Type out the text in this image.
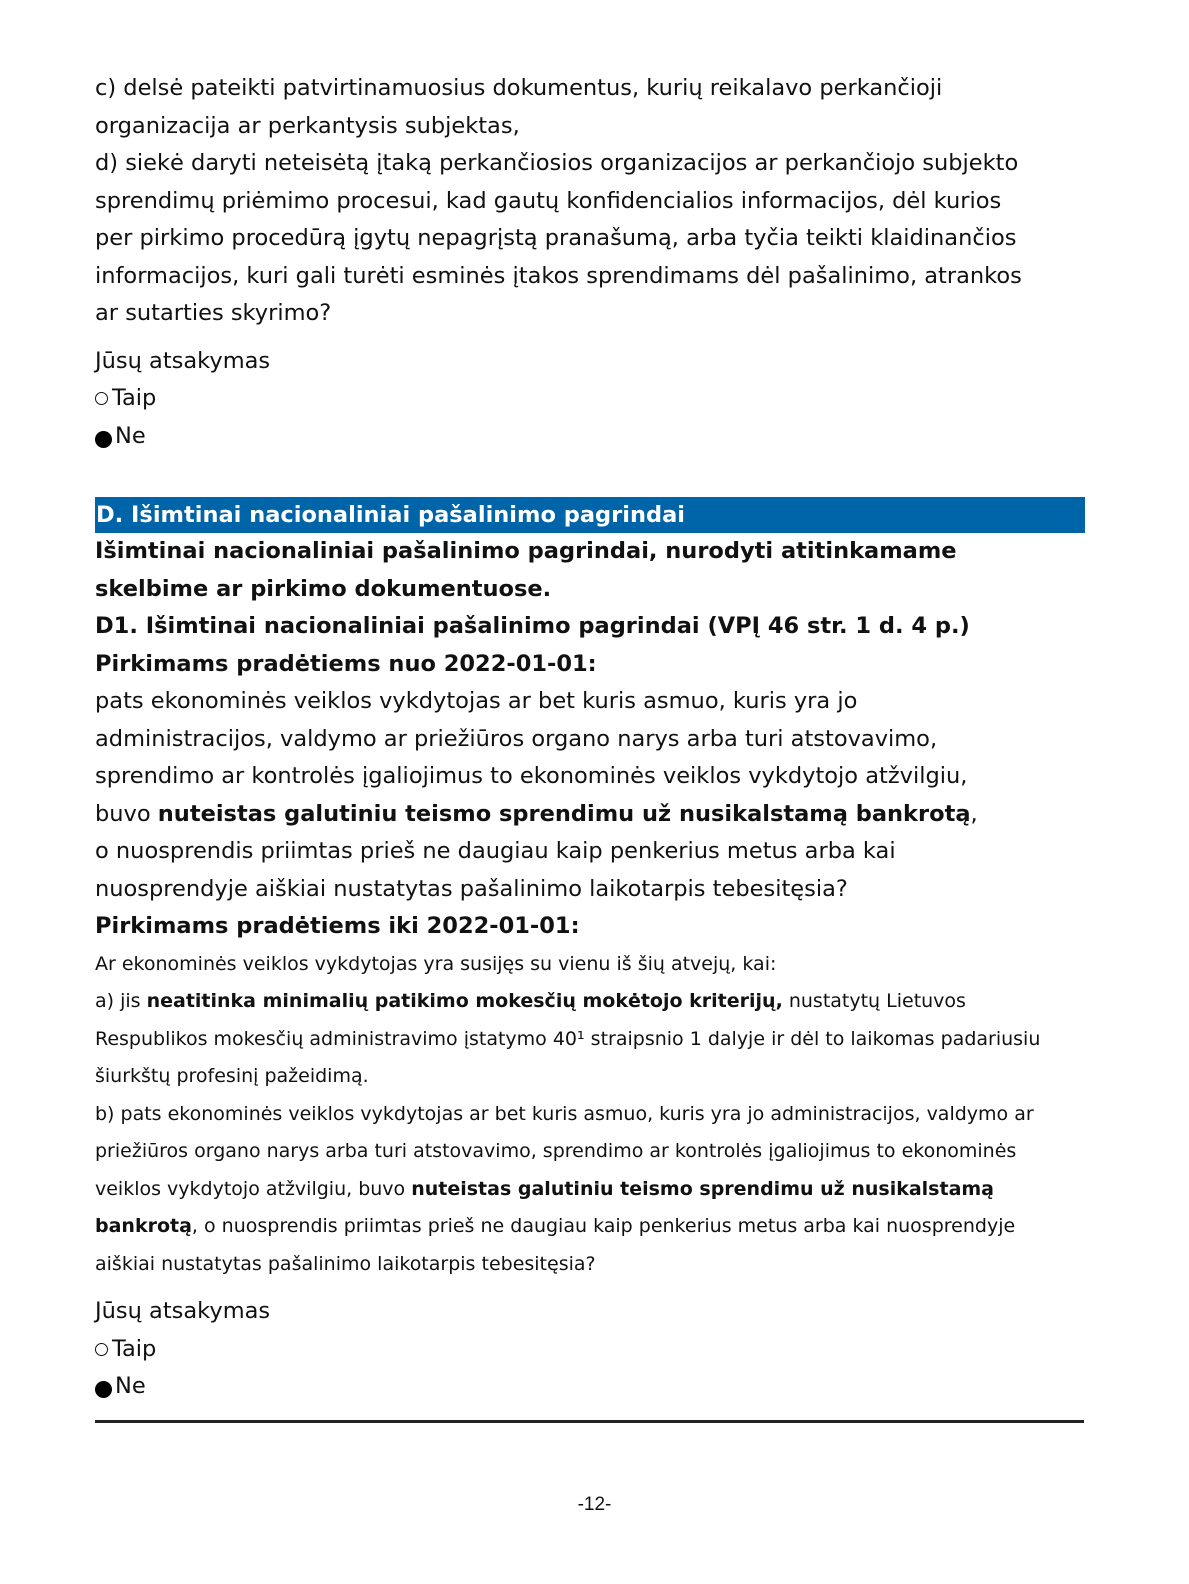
c) delsė pateikti patvirtinamuosius dokumentus, kurių reikalavo perkančioji

organizacija ar perkantysis subjektas,

d) siekė daryti neteisėtą įtaką perkančiosios organizacijos ar perkančiojo subjekto

sprendimų priėmimo procesui, kad gautų konfidencialios informacijos, dėl kurios

per pirkimo procedūrą įgytų nepagrįstą pranašumą, arba tyčia teikti klaidinančios

informacijos, kuri gali turėti esminės įtakos sprendimams dėl pašalinimo, atrankos

ar sutarties skyrimo?

Jūsų atsakymas

Taip
Ne
D. Išimtinai nacionaliniai pašalinimo pagrindai

Išimtinai nacionaliniai pašalinimo pagrindai, nurodyti atitinkamame

skelbime ar pirkimo dokumentuose.

D1. Išimtinai nacionaliniai pašalinimo pagrindai (VPĮ 46 str. 1 d. 4 p.)

Pirkimams pradėtiems nuo 2022-01-01:

pats ekonominės veiklos vykdytojas ar bet kuris asmuo, kuris yra jo

administracijos, valdymo ar priežiūros organo narys arba turi atstovavimo,

sprendimo ar kontrolės įgaliojimus to ekonominės veiklos vykdytojo atžvilgiu,

buvo nuteistas galutiniu teismo sprendimu už nusikalstamą bankrotą,

o nuosprendis priimtas prieš ne daugiau kaip penkerius metus arba kai

nuosprendyje aiškiai nustatytas pašalinimo laikotarpis tebesitęsia?

Pirkimams pradėtiems iki 2022-01-01:

Ar ekonominės veiklos vykdytojas yra susijęs su vienu iš šių atvejų, kai:

a) jis neatitinka minimalių patikimo mokesčių mokėtojo kriterijų, nustatytų Lietuvos

Respublikos mokesčių administravimo įstatymo 40¹ straipsnio 1 dalyje ir dėl to laikomas padariusiu

šiurkštų profesinį pažeidimą.

b) pats ekonominės veiklos vykdytojas ar bet kuris asmuo, kuris yra jo administracijos, valdymo ar

priežiūros organo narys arba turi atstovavimo, sprendimo ar kontrolės įgaliojimus to ekonominės

veiklos vykdytojo atžvilgiu, buvo nuteistas galutiniu teismo sprendimu už nusikalstamą

bankrotą, o nuosprendis priimtas prieš ne daugiau kaip penkerius metus arba kai nuosprendyje

aiškiai nustatytas pašalinimo laikotarpis tebesitęsia?

Jūsų atsakymas

Taip
Ne
-12-
